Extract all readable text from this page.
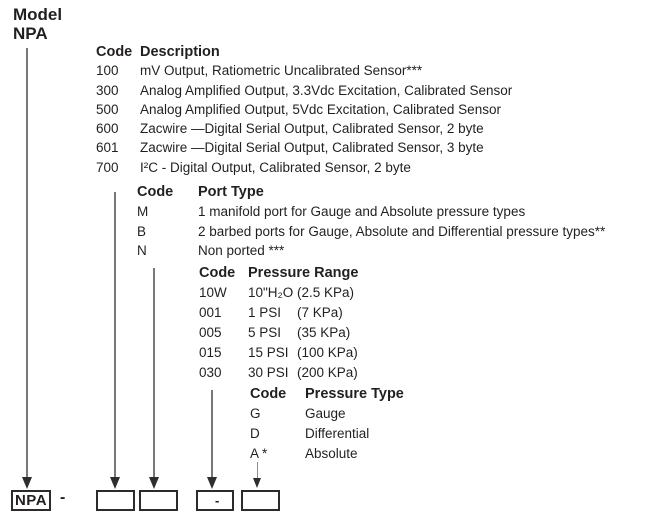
Model
NPA
Code Description
100	mV Output, Ratiometric Uncalibrated Sensor***
300	Analog Amplified Output, 3.3Vdc Excitation, Calibrated Sensor
500	Analog Amplified Output, 5Vdc Excitation, Calibrated Sensor
600	Zacwire —Digital Serial Output, Calibrated Sensor, 2 byte
601	Zacwire —Digital Serial Output, Calibrated Sensor, 3 byte
700	I²C - Digital Output, Calibrated Sensor, 2 byte
Code	Port Type
M	1 manifold port for Gauge and Absolute pressure types
B	2 barbed ports for Gauge, Absolute and Differential pressure types**
N	Non ported ***
Code Pressure Range
10W	10"H₂O (2.5 KPa)
001	1 PSI	(7 KPa)
005	5 PSI	(35 KPa)
015	15 PSI (100 KPa)
030	30 PSI (200 KPa)
Code	Pressure Type
G	Gauge
D	Differential
A *	Absolute
NPA -	-
